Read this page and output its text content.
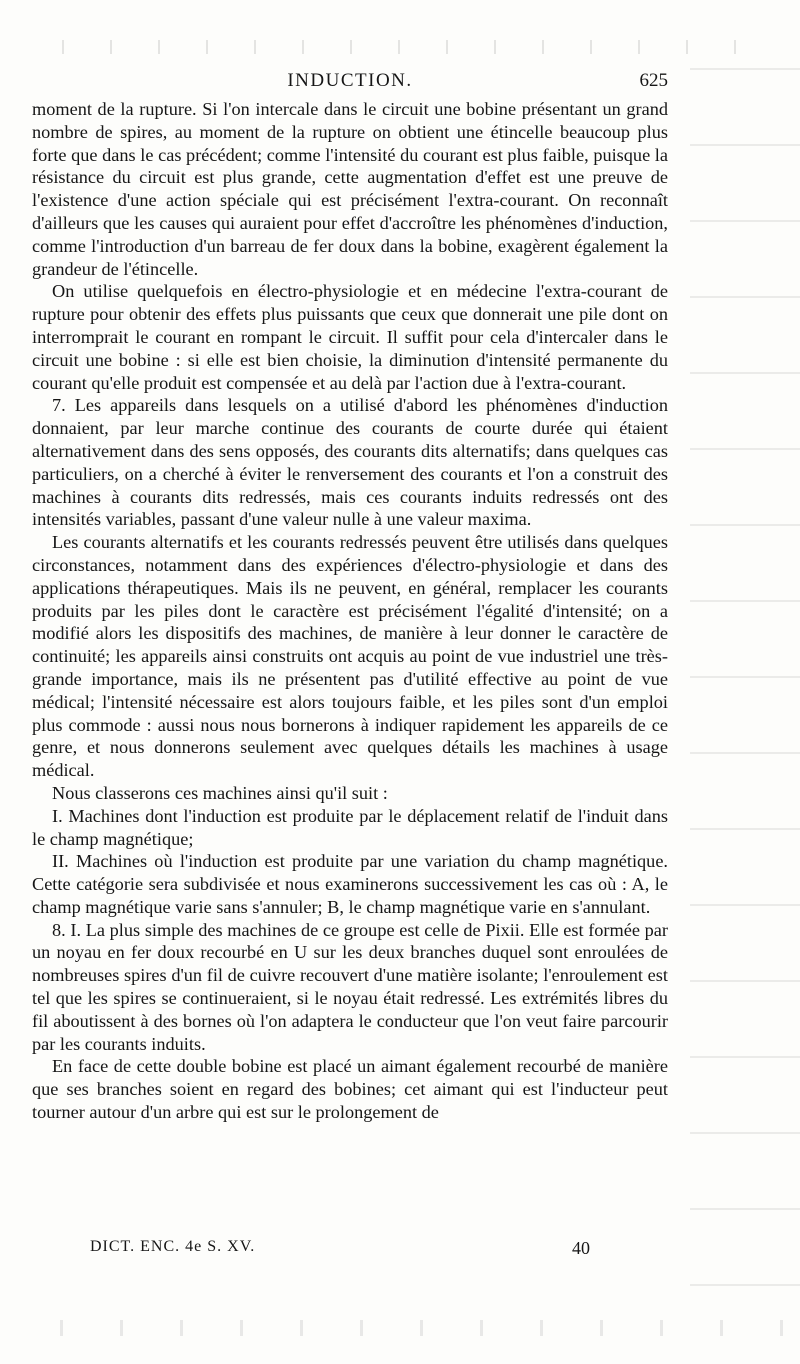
INDUCTION.	625

moment de la rupture. Si l'on intercale dans le circuit une bobine présentant un grand nombre de spires, au moment de la rupture on obtient une étincelle beaucoup plus forte que dans le cas précédent; comme l'intensité du courant est plus faible, puisque la résistance du circuit est plus grande, cette augmentation d'effet est une preuve de l'existence d'une action spéciale qui est précisément l'extra-courant. On reconnaît d'ailleurs que les causes qui auraient pour effet d'accroître les phénomènes d'induction, comme l'introduction d'un barreau de fer doux dans la bobine, exagèrent également la grandeur de l'étincelle.

On utilise quelquefois en électro-physiologie et en médecine l'extra-courant de rupture pour obtenir des effets plus puissants que ceux que donnerait une pile dont on interromprait le courant en rompant le circuit. Il suffit pour cela d'intercaler dans le circuit une bobine : si elle est bien choisie, la diminution d'intensité permanente du courant qu'elle produit est compensée et au delà par l'action due à l'extra-courant.

7. Les appareils dans lesquels on a utilisé d'abord les phénomènes d'induction donnaient, par leur marche continue des courants de courte durée qui étaient alternativement dans des sens opposés, des courants dits alternatifs; dans quelques cas particuliers, on a cherché à éviter le renversement des courants et l'on a construit des machines à courants dits redressés, mais ces courants induits redressés ont des intensités variables, passant d'une valeur nulle à une valeur maxima.

Les courants alternatifs et les courants redressés peuvent être utilisés dans quelques circonstances, notamment dans des expériences d'électro-physiologie et dans des applications thérapeutiques. Mais ils ne peuvent, en général, remplacer les courants produits par les piles dont le caractère est précisément l'égalité d'intensité; on a modifié alors les dispositifs des machines, de manière à leur donner le caractère de continuité; les appareils ainsi construits ont acquis au point de vue industriel une très-grande importance, mais ils ne présentent pas d'utilité effective au point de vue médical; l'intensité nécessaire est alors toujours faible, et les piles sont d'un emploi plus commode : aussi nous nous bornerons à indiquer rapidement les appareils de ce genre, et nous donnerons seulement avec quelques détails les machines à usage médical.

Nous classerons ces machines ainsi qu'il suit :

I. Machines dont l'induction est produite par le déplacement relatif de l'induit dans le champ magnétique;

II. Machines où l'induction est produite par une variation du champ magnétique. Cette catégorie sera subdivisée et nous examinerons successivement les cas où : A, le champ magnétique varie sans s'annuler; B, le champ magnétique varie en s'annulant.

8. I. La plus simple des machines de ce groupe est celle de Pixii. Elle est formée par un noyau en fer doux recourbé en U sur les deux branches duquel sont enroulées de nombreuses spires d'un fil de cuivre recouvert d'une matière isolante; l'enroulement est tel que les spires se continueraient, si le noyau était redressé. Les extrémités libres du fil aboutissent à des bornes où l'on adaptera le conducteur que l'on veut faire parcourir par les courants induits.

En face de cette double bobine est placé un aimant également recourbé de manière que ses branches soient en regard des bobines; cet aimant qui est l'inducteur peut tourner autour d'un arbre qui est sur le prolongement de

DICT. ENC. 4e S. XV.	40
